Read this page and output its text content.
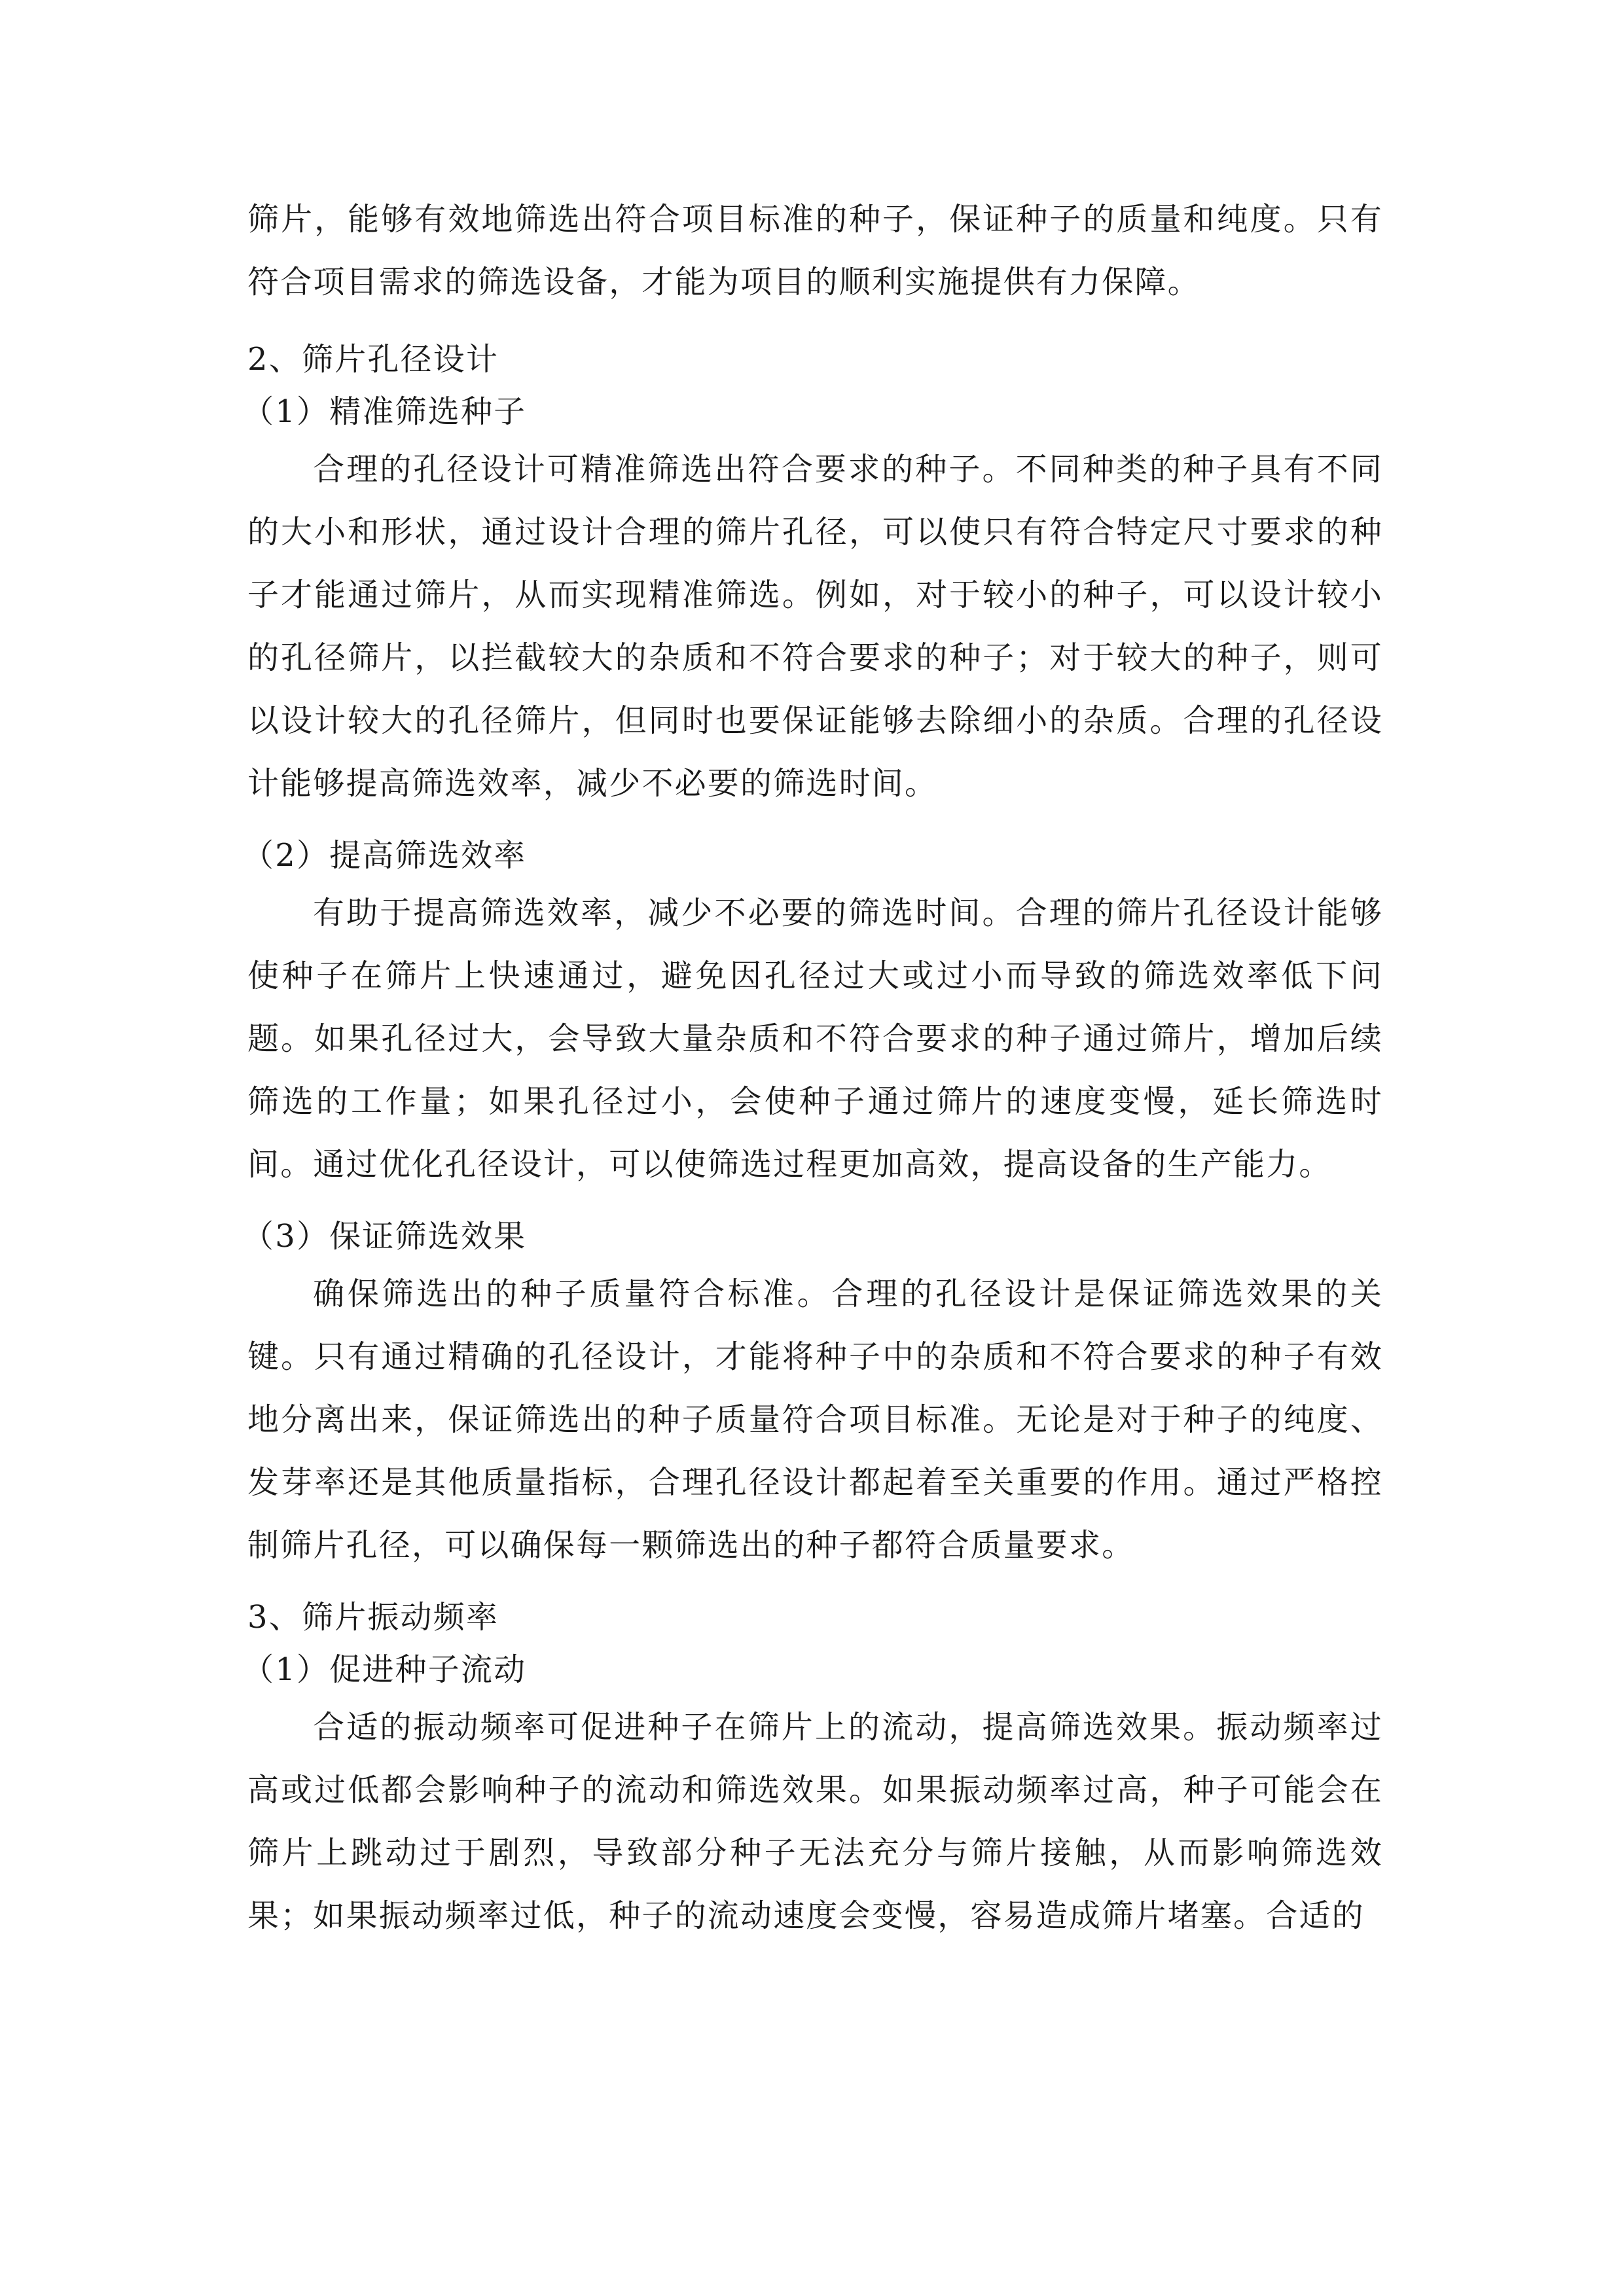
筛片，能够有效地筛选出符合项目标准的种子，保证种子的质量和纯度。只有符合项目需求的筛选设备，才能为项目的顺利实施提供有力保障。

2、筛片孔径设计

（1）精准筛选种子

合理的孔径设计可精准筛选出符合要求的种子。不同种类的种子具有不同的大小和形状，通过设计合理的筛片孔径，可以使只有符合特定尺寸要求的种子才能通过筛片，从而实现精准筛选。例如，对于较小的种子，可以设计较小的孔径筛片，以拦截较大的杂质和不符合要求的种子；对于较大的种子，则可以设计较大的孔径筛片，但同时也要保证能够去除细小的杂质。合理的孔径设计能够提高筛选效率，减少不必要的筛选时间。

（2）提高筛选效率

有助于提高筛选效率，减少不必要的筛选时间。合理的筛片孔径设计能够使种子在筛片上快速通过，避免因孔径过大或过小而导致的筛选效率低下问题。如果孔径过大，会导致大量杂质和不符合要求的种子通过筛片，增加后续筛选的工作量；如果孔径过小，会使种子通过筛片的速度变慢，延长筛选时间。通过优化孔径设计，可以使筛选过程更加高效，提高设备的生产能力。

（3）保证筛选效果

确保筛选出的种子质量符合标准。合理的孔径设计是保证筛选效果的关键。只有通过精确的孔径设计，才能将种子中的杂质和不符合要求的种子有效地分离出来，保证筛选出的种子质量符合项目标准。无论是对于种子的纯度、发芽率还是其他质量指标，合理孔径设计都起着至关重要的作用。通过严格控制筛片孔径，可以确保每一颗筛选出的种子都符合质量要求。

3、筛片振动频率

（1）促进种子流动

合适的振动频率可促进种子在筛片上的流动，提高筛选效果。振动频率过高或过低都会影响种子的流动和筛选效果。如果振动频率过高，种子可能会在筛片上跳动过于剧烈，导致部分种子无法充分与筛片接触，从而影响筛选效果；如果振动频率过低，种子的流动速度会变慢，容易造成筛片堵塞。合适的
